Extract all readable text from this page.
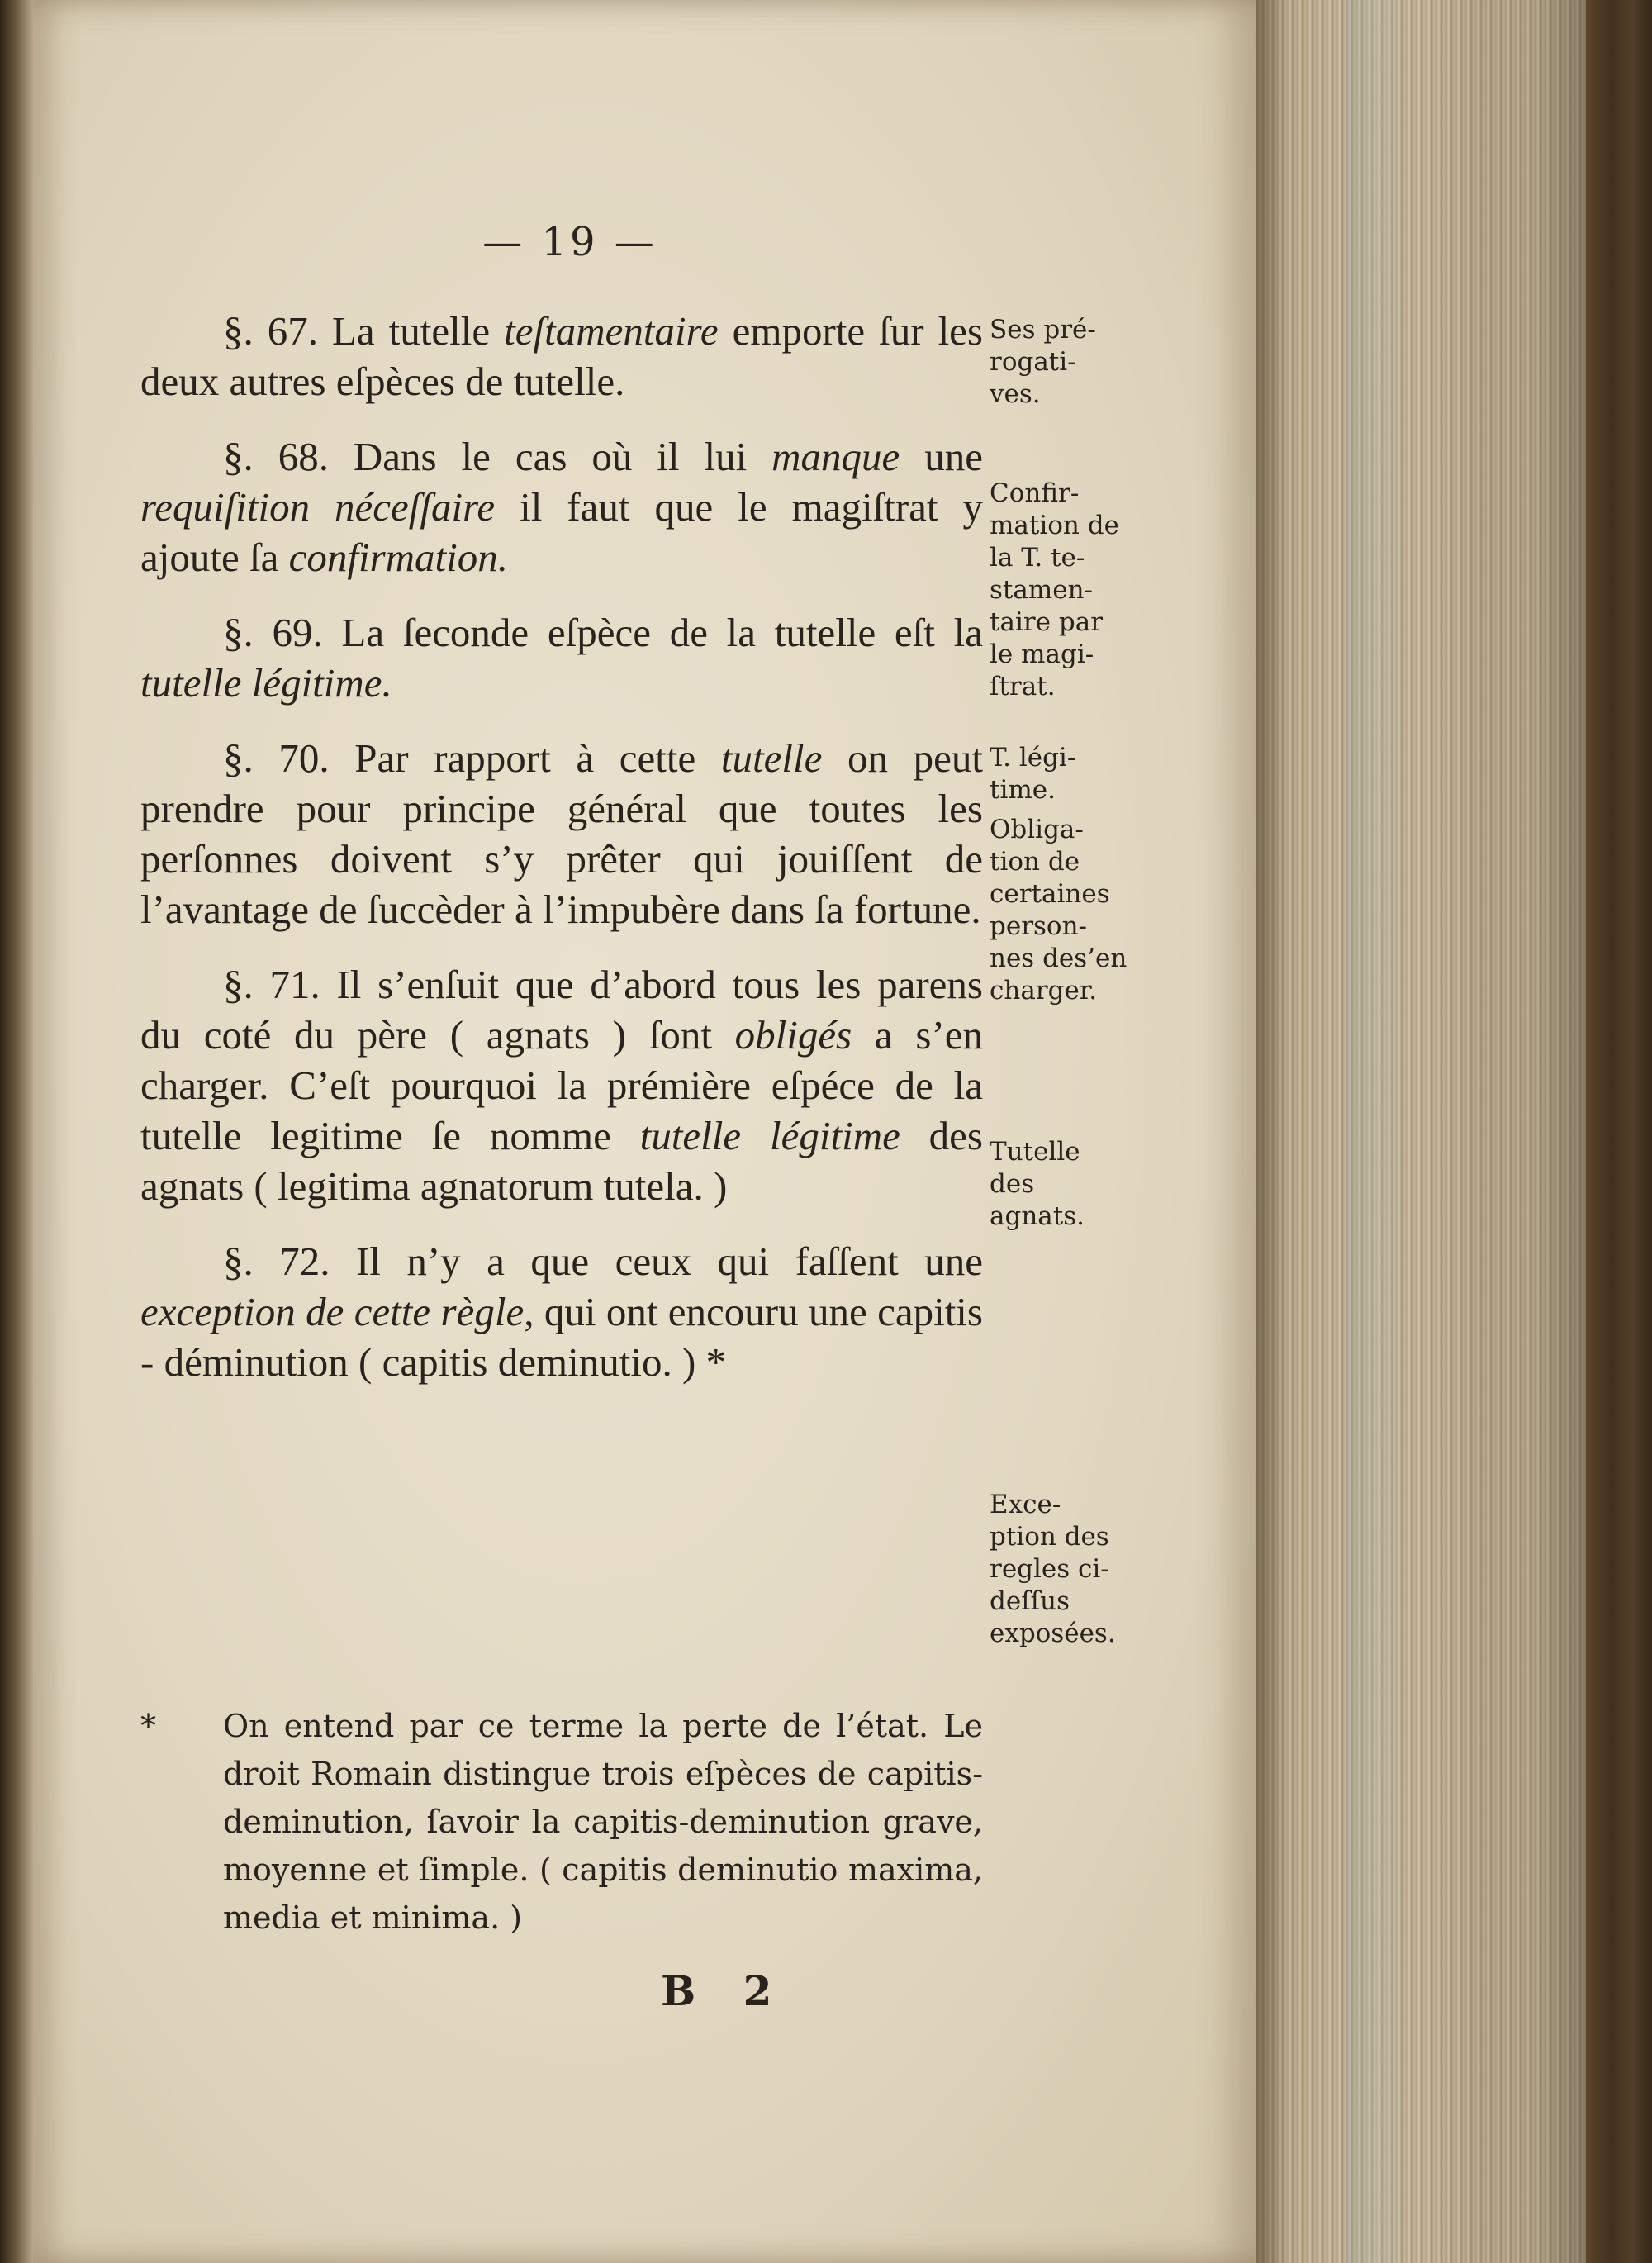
— 19 —

§. 67. La tutelle teſtamentaire emporte ſur les deux autres eſpèces de tutelle.

§. 68. Dans le cas où il lui manque une requiſition néceſſaire il faut que le magiſtrat y ajoute ſa confirmation.

§. 69. La ſeconde eſpèce de la tutelle eſt la tutelle légitime.

§. 70. Par rapport à cette tutelle on peut prendre pour principe général que toutes les perſonnes doivent s’y prêter qui jouiſſent de l’avantage de ſuccèder à l’impubère dans ſa fortune.

§. 71. Il s’enſuit que d’abord tous les parens du coté du père ( agnats ) ſont obligés a s’en charger. C’eſt pourquoi la prémière eſpéce de la tutelle legitime ſe nomme tutelle légitime des agnats ( legitima agnatorum tutela. )

§. 72. Il n’y a que ceux qui faſſent une exception de cette règle, qui ont encouru une capitis - déminution ( capitis deminutio. ) *

Ses pré-
rogati-
ves.
Confir-
mation de
la T. te-
stamen-
taire par
le magi-
ſtrat.
T. légi-
time.
Obliga-
tion de
certaines
person-
nes des’en
charger.
Tutelle
des
agnats.
Exce-
ption des
regles ci-
deſſus
exposées.
*	On entend par ce terme la perte de l’état. Le droit Romain distingue trois eſpèces de capitis-deminution, ſavoir la capitis-deminution grave, moyenne et ſimple. ( capitis deminutio maxima, media et minima. )
B 2
